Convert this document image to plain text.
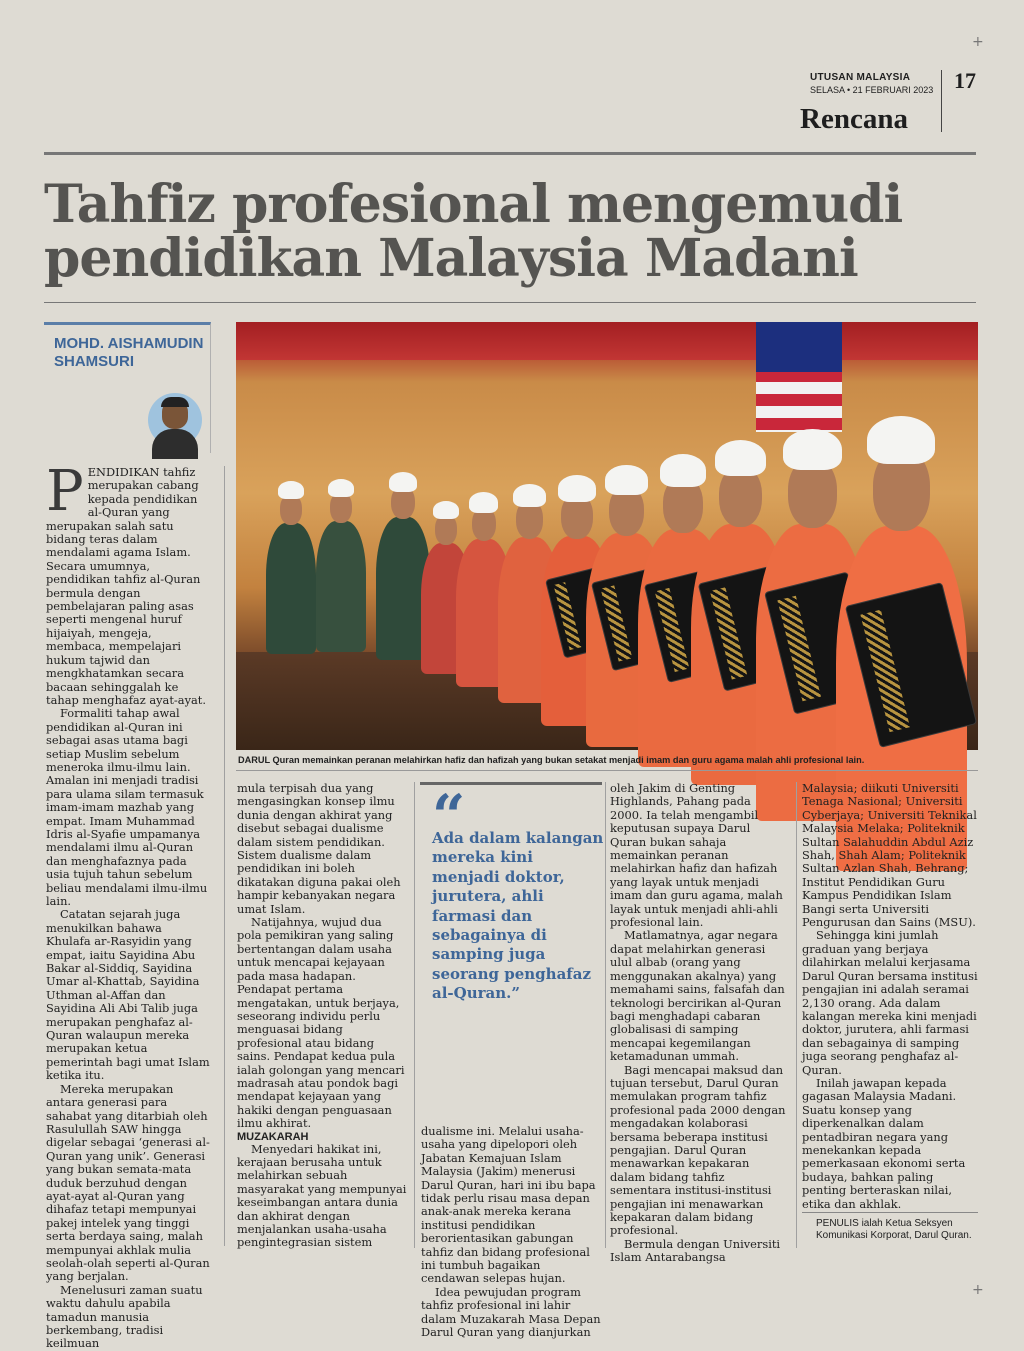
UTUSAN MALAYSIA
SELASA • 21 FEBRUARI 2023 17
Rencana
+
+
Tahfiz profesional mengemudi pendidikan Malaysia Madani
MOHD. AISHAMUDIN SHAMSURI
DARUL Quran memainkan peranan melahirkan hafiz dan hafizah yang bukan setakat menjadi imam dan guru agama malah ahli profesional lain.
P ENDIDIKAN tahfiz merupakan cabang kepada pendidikan al-Quran yang merupakan salah satu bidang teras dalam mendalami agama Islam. Secara umumnya, pendidikan tahfiz al-Quran bermula dengan pembelajaran paling asas seperti mengenal huruf hijaiyah, mengeja, membaca, mempelajari hukum tajwid dan mengkhatamkan secara bacaan sehinggalah ke tahap menghafaz ayat-ayat.

Formaliti tahap awal pendidikan al-Quran ini sebagai asas utama bagi setiap Muslim sebelum meneroka ilmu-ilmu lain. Amalan ini menjadi tradisi para ulama silam termasuk imam-imam mazhab yang empat. Imam Muhammad Idris al-Syafie umpamanya mendalami ilmu al-Quran dan menghafaznya pada usia tujuh tahun sebelum beliau mendalami ilmu-ilmu lain.

Catatan sejarah juga menukilkan bahawa Khulafa ar-Rasyidin yang empat, iaitu Sayidina Abu Bakar al-Siddiq, Sayidina Umar al-Khattab, Sayidina Uthman al-Affan dan Sayidina Ali Abi Talib juga merupakan penghafaz al-Quran walaupun mereka merupakan ketua pemerintah bagi umat Islam ketika itu.

Mereka merupakan antara generasi para sahabat yang ditarbiah oleh Rasulullah SAW hingga digelar sebagai ‘generasi al-Quran yang unik’. Generasi yang bukan semata-mata duduk berzuhud dengan ayat-ayat al-Quran yang dihafaz tetapi mempunyai pakej intelek yang tinggi serta berdaya saing, malah mempunyai akhlak mulia seolah-olah seperti al-Quran yang berjalan.

Menelusuri zaman suatu waktu dahulu apabila tamadun manusia berkembang, tradisi keilmuan

mula terpisah dua yang mengasingkan konsep ilmu dunia dengan akhirat yang disebut sebagai dualisme dalam sistem pendidikan. Sistem dualisme dalam pendidikan ini boleh dikatakan diguna pakai oleh hampir kebanyakan negara umat Islam.

Natijahnya, wujud dua pola pemikiran yang saling bertentangan dalam usaha untuk mencapai kejayaan pada masa hadapan. Pendapat pertama mengatakan, untuk berjaya, seseorang individu perlu menguasai bidang profesional atau bidang sains. Pendapat kedua pula ialah golongan yang mencari madrasah atau pondok bagi mendapat kejayaan yang hakiki dengan penguasaan ilmu akhirat.

MUZAKARAH

Menyedari hakikat ini, kerajaan berusaha untuk melahirkan sebuah masyarakat yang mempunyai keseimbangan antara dunia dan akhirat dengan menjalankan usaha-usaha pengintegrasian sistem

“
Ada dalam kalangan mereka kini menjadi doktor, jurutera, ahli farmasi dan sebagainya di samping juga seorang penghafaz al-Quran.”

dualisme ini. Melalui usaha-usaha yang dipelopori oleh Jabatan Kemajuan Islam Malaysia (Jakim) menerusi Darul Quran, hari ini ibu bapa tidak perlu risau masa depan anak-anak mereka kerana institusi pendidikan berorientasikan gabungan tahfiz dan bidang profesional ini tumbuh bagaikan cendawan selepas hujan.

Idea pewujudan program tahfiz profesional ini lahir dalam Muzakarah Masa Depan Darul Quran yang dianjurkan

oleh Jakim di Genting Highlands, Pahang pada 2000. Ia telah mengambil keputusan supaya Darul Quran bukan sahaja memainkan peranan melahirkan hafiz dan hafizah yang layak untuk menjadi imam dan guru agama, malah layak untuk menjadi ahli-ahli profesional lain.

Matlamatnya, agar negara dapat melahirkan generasi ulul albab (orang yang menggunakan akalnya) yang memahami sains, falsafah dan teknologi bercirikan al-Quran bagi menghadapi cabaran globalisasi di samping mencapai kegemilangan ketamadunan ummah.

Bagi mencapai maksud dan tujuan tersebut, Darul Quran memulakan program tahfiz profesional pada 2000 dengan mengadakan kolaborasi bersama beberapa institusi pengajian. Darul Quran menawarkan kepakaran dalam bidang tahfiz sementara institusi-institusi pengajian ini menawarkan kepakaran dalam bidang profesional.

Bermula dengan Universiti Islam Antarabangsa

Malaysia; diikuti Universiti Tenaga Nasional; Universiti Cyberjaya; Universiti Teknikal Malaysia Melaka; Politeknik Sultan Salahuddin Abdul Aziz Shah, Shah Alam; Politeknik Sultan Azlan Shah, Behrang; Institut Pendidikan Guru Kampus Pendidikan Islam Bangi serta Universiti Pengurusan dan Sains (MSU).

Sehingga kini jumlah graduan yang berjaya dilahirkan melalui kerjasama Darul Quran bersama institusi pengajian ini adalah seramai 2,130 orang. Ada dalam kalangan mereka kini menjadi doktor, jurutera, ahli farmasi dan sebagainya di samping juga seorang penghafaz al-Quran.

Inilah jawapan kepada gagasan Malaysia Madani. Suatu konsep yang diperkenalkan dalam pentadbiran negara yang menekankan kepada pemerkasaan ekonomi serta budaya, bahkan paling penting berteraskan nilai, etika dan akhlak.

PENULIS ialah Ketua Seksyen Komunikasi Korporat, Darul Quran.
